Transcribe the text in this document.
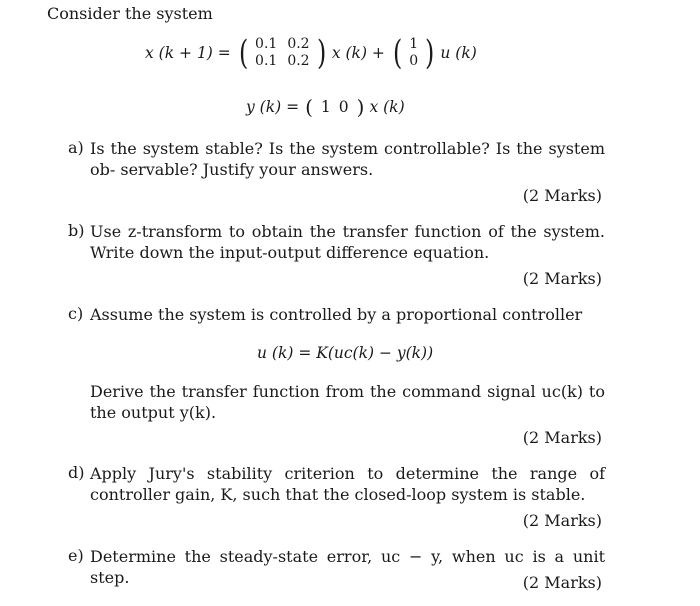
Consider the system
x (k + 1) = ( 0.1	0.2
0.1	0.2 ) x (k) + ( 1
0 ) u (k)
y (k) = ( 1 0 ) x (k)
a) Is the system stable? Is the system controllable? Is the system ob- servable? Justify your answers.
(2 Marks)
b) Use z-transform to obtain the transfer function of the system. Write down the input-output difference equation.
(2 Marks)
c) Assume the system is controlled by a proportional controller
u (k) = K(uc(k) − y(k))
Derive the transfer function from the command signal uc(k) to the output y(k).
(2 Marks)
d) Apply Jury's stability criterion to determine the range of controller gain, K, such that the closed-loop system is stable.
(2 Marks)
e) Determine the steady-state error, uc − y, when uc is a unit step.	(2 Marks)
